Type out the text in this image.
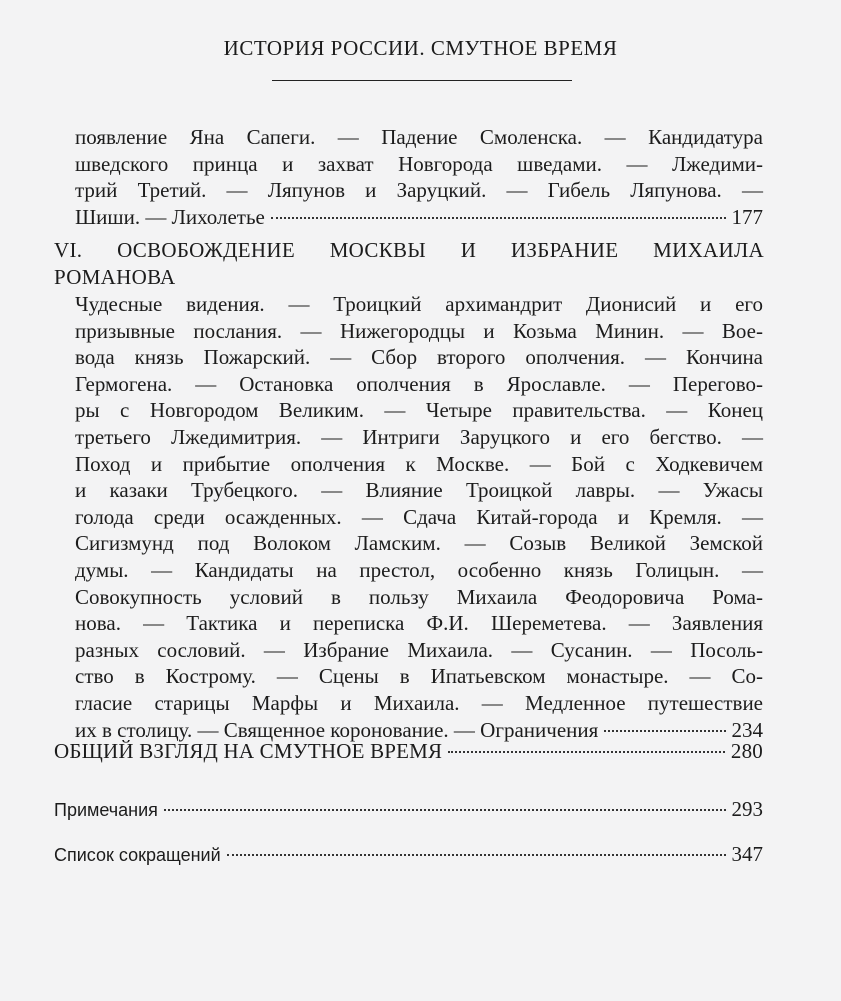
ИСТОРИЯ РОССИИ. СМУТНОЕ ВРЕМЯ
появление Яна Сапеги. — Падение Смоленска. — Кандидатура
шведского принца и захват Новгорода шведами. — Лжедими-
трий Третий. — Ляпунов и Заруцкий. — Гибель Ляпунова. —
Шиши. — Лихолетье	177
VI. ОСВОБОЖДЕНИЕ МОСКВЫ И ИЗБРАНИЕ МИХАИЛА
РОМАНОВА
Чудесные видения. — Троицкий архимандрит Дионисий и его
призывные послания. — Нижегородцы и Козьма Минин. — Вое-
вода князь Пожарский. — Сбор второго ополчения. — Кончина
Гермогена. — Остановка ополчения в Ярославле. — Перегово-
ры с Новгородом Великим. — Четыре правительства. — Конец
третьего Лжедимитрия. — Интриги Заруцкого и его бегство. —
Поход и прибытие ополчения к Москве. — Бой с Ходкевичем
и казаки Трубецкого. — Влияние Троицкой лавры. — Ужасы
голода среди осажденных. — Сдача Китай-города и Кремля. —
Сигизмунд под Волоком Ламским. — Созыв Великой Земской
думы. — Кандидаты на престол, особенно князь Голицын. —
Совокупность условий в пользу Михаила Феодоровича Рома-
нова. — Тактика и переписка Ф.И. Шереметева. — Заявления
разных сословий. — Избрание Михаила. — Сусанин. — Посоль-
ство в Кострому. — Сцены в Ипатьевском монастыре. — Со-
гласие старицы Марфы и Михаила. — Медленное путешествие
их в столицу. — Священное коронование. — Ограничения	234
ОБЩИЙ ВЗГЛЯД НА СМУТНОЕ ВРЕМЯ	280
Примечания	293
Список сокращений	347
